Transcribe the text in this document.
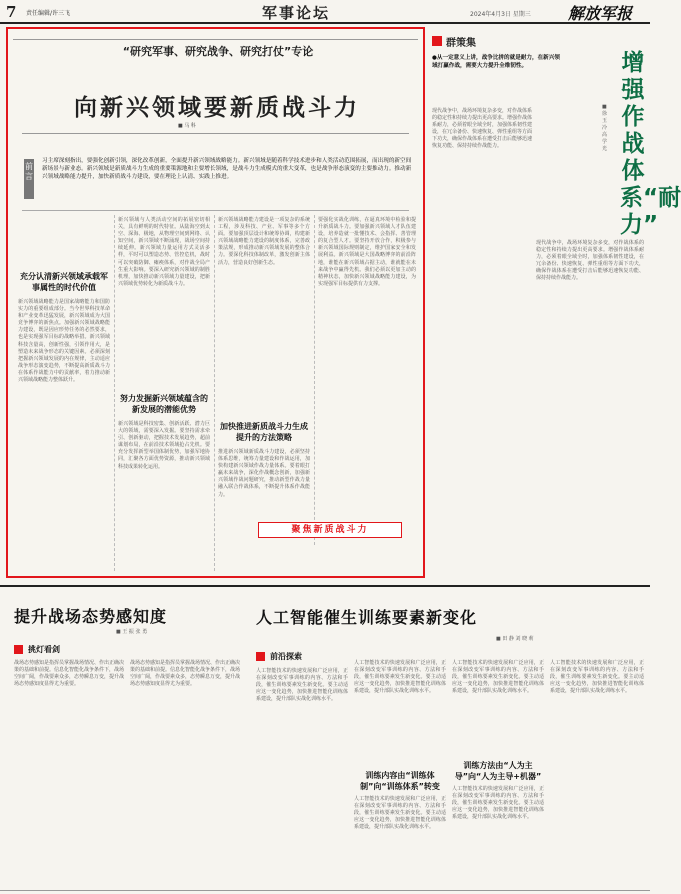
7 责任编辑/许三飞	军事论坛	2024年4月3日 星期三 解放军报
“研究军事、研究战争、研究打仗”专论
向新兴领域要新质战斗力
■ 马 科
前言
习主席深刻指出，要强化创新引领，深化改革创新，全面提升新兴领域战略能力。新兴领域是随着科学技术进步和人类活动范围拓展，而出现的新空间新场景与新业态。新兴领域是新质战斗力生成的重要策源地和主要增长领域，是战斗力生成模式的重大变革，也是战争形态演变的主要推动力。推动新兴领域战略能力提升，加快新质战斗力建设，要在理论上认清、实践上推进。
充分认清新兴领域承载军事属性的时代价值
新兴领域战略能力是国家战略能力和国防实力的重要组成部分。当今世界科技革命和产业变革迅猛发展，新兴领域成为大国竞争博弈的新焦点。加强新兴领域战略能力建设，既是因应形势任务的必然要求，也是实现强军目标的战略举措。新兴领域科技含量高，创新性强，引领作用大，是塑造未来战争形态的关键因素。必须深刻把握新兴领域发展的内在规律，主动适应战争形态演变趋势，不断提高新质战斗力在体系作战能力中的贡献率，着力推动新兴领域战略能力整体跃升。
新兴领域与人类活动空间的拓展密切相关，具有鲜明的时代特征。从陆海空到太空、深海、极地，从物理空间到网络、认知空间，新兴领域不断涌现，战场空间持续延伸。新兴领域力量运用方式灵活多样，平时可以塑造态势、管控危机，战时可以突破防御、瘫痪体系，对作战全局产生重大影响。要深入研究新兴领域的制胜机理，加快推动新兴领域力量建设，把新兴领域优势转化为新质战斗力。
努力发掘新兴领域蕴含的新发展的潜能优势
新兴领域是科技密集、创新活跃、潜力巨大的领域，需要深入发掘。要坚持需求牵引、创新驱动，把握技术发展趋势，超前谋划布局，在前沿技术领域抢占先机。要充分发挥新型举国体制优势，加强军地协同，汇聚各方面优势资源，推动新兴领域科技成果转化运用。
新兴领域战略能力建设是一项复杂的系统工程，涉及科技、产业、军事等多个方面。要加强顶层设计和统筹协调，构建新兴领域战略能力建设的制度体系，完善政策法规，形成推动新兴领域发展的整体合力。要深化科技体制改革，激发创新主体活力，营造良好创新生态。
加快推进新质战斗力生成提升的方法策略
推进新兴领域新质战斗力建设，必须坚持体系思维，统筹力量建设和作战运用，加快构建新兴领域作战力量体系。要着眼打赢未来战争，深化作战概念创新，加强新兴领域作战问题研究，推动新型作战力量融入联合作战体系，不断提升体系作战能力。
要强化实战化训练，在逼真环境中检验和提升新质战斗力。要加强新兴领域人才队伍建设，培养造就一批懂技术、会指挥、善管理的复合型人才。要坚持开放合作，积极参与新兴领域国际规则制定，维护国家安全和发展利益。新兴领域是大国战略博弈的前沿阵地，谁能在新兴领域占据主动，谁就能在未来战争中赢得先机。我们必须以更加主动的精神状态，加快新兴领域战略能力建设，为实现强军目标提供有力支撑。
聚焦新质战斗力
群策集
●从一定意义上讲，战争比拼的就是耐力，在新兴领域打赢作战，需要大力提升全维韧性。	增强作战体系“耐力”
■ 徐 玉 冷 高 学 光
现代战争中，战场环境复杂多变，对作战体系的稳定性和持续力提出更高要求。增强作战体系耐力，必须着眼全域全时，加强体系韧性建设，在冗余备份、快速恢复、弹性重组等方面下功夫，确保作战体系在遭受打击后能够迅速恢复功能、保持持续作战能力。
现代战争中，战场环境复杂多变，对作战体系的稳定性和持续力提出更高要求。增强作战体系耐力，必须着眼全域全时，加强体系韧性建设，在冗余备份、快速恢复、弹性重组等方面下功夫，确保作战体系在遭受打击后能够迅速恢复功能、保持持续作战能力。
提升战场态势感知度
■ 王 振 张 勇
挑灯看剑
战场态势感知是指挥员掌握战场情况、作出正确决策的基础和前提。信息化智能化战争条件下，战场空间广阔，作战要素众多，态势瞬息万变，提升战场态势感知度显得尤为重要。
战场态势感知是指挥员掌握战场情况、作出正确决策的基础和前提。信息化智能化战争条件下，战场空间广阔，作战要素众多，态势瞬息万变，提升战场态势感知度显得尤为重要。
人工智能催生训练要素新变化
■ 田 静 刘 晓 莉
前沿探索
人工智能技术的快速发展和广泛应用，正在深刻改变军事训练的内容、方法和手段，催生训练要素发生新变化。要主动适应这一变化趋势，加快推进智能化训练体系建设，提升部队实战化训练水平。
训练内容由“训练体制”向“训练体系”转变
人工智能技术的快速发展和广泛应用，正在深刻改变军事训练的内容、方法和手段，催生训练要素发生新变化。要主动适应这一变化趋势，加快推进智能化训练体系建设，提升部队实战化训练水平。
人工智能技术的快速发展和广泛应用，正在深刻改变军事训练的内容、方法和手段，催生训练要素发生新变化。要主动适应这一变化趋势，加快推进智能化训练体系建设，提升部队实战化训练水平。
训练方法由“人为主导”向“人为主导+机器”
人工智能技术的快速发展和广泛应用，正在深刻改变军事训练的内容、方法和手段，催生训练要素发生新变化。要主动适应这一变化趋势，加快推进智能化训练体系建设，提升部队实战化训练水平。
人工智能技术的快速发展和广泛应用，正在深刻改变军事训练的内容、方法和手段，催生训练要素发生新变化。要主动适应这一变化趋势，加快推进智能化训练体系建设，提升部队实战化训练水平。
人工智能技术的快速发展和广泛应用，正在深刻改变军事训练的内容、方法和手段，催生训练要素发生新变化。要主动适应这一变化趋势，加快推进智能化训练体系建设，提升部队实战化训练水平。
